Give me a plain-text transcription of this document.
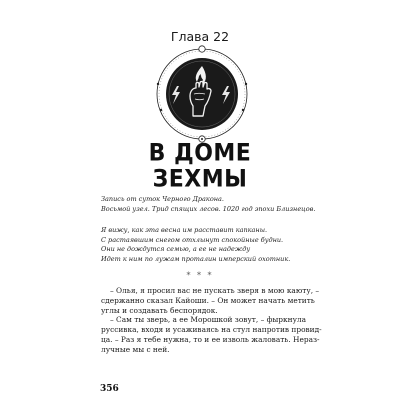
Глава 22
В ДОМЕ
ЗЕХМЫ
Запись от суток Черного Дракона.
Восьмой узел. Трид спящих лесов. 1020 год эпохи Близнецов.
Я вижу, как эта весна им расставит капканы.
С растаявшим снегом отхлынут спокойные будни.
Они не дождутся семью, а ее не надежду
Идет к ним по лужам проталин имперский охотник.
* * *
– Олья, я просил вас не пускать зверя в мою каюту, –
сдержанно сказал Кайоши. – Он может начать метить
углы и создавать беспорядок.
– Сам ты зверь, а ее Морошкой зовут, – фыркнула
руссивка, входя и усаживаясь на стул напротив провид-
ца. – Раз я тебе нужна, то и ее изволь жаловать. Нераз-
лучные мы с ней.
356
